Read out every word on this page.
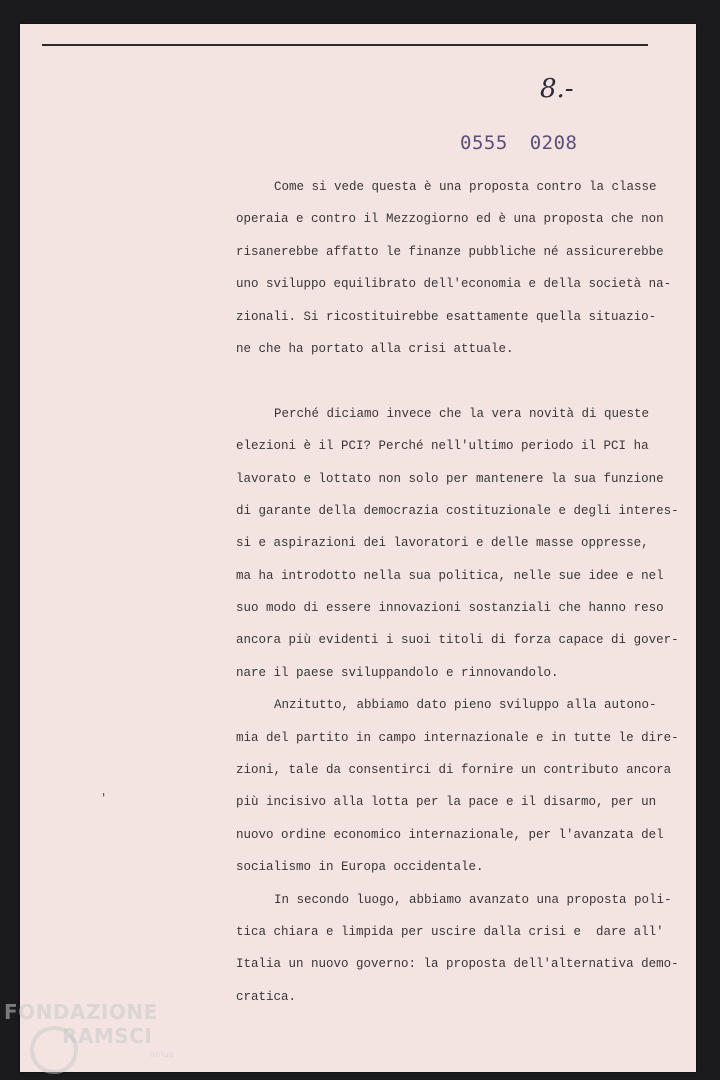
8.-
0555 0208
Come si vede questa è una proposta contro la classe
operaia e contro il Mezzogiorno ed è una proposta che non
risanerebbe affatto le finanze pubbliche né assicurerebbe
uno sviluppo equilibrato dell'economia e della società na-
zionali. Si ricostituirebbe esattamente quella situazio-
ne che ha portato alla crisi attuale.
Perché diciamo invece che la vera novità di queste
elezioni è il PCI? Perché nell'ultimo periodo il PCI ha
lavorato e lottato non solo per mantenere la sua funzione
di garante della democrazia costituzionale e degli interes-
si e aspirazioni dei lavoratori e delle masse oppresse,
ma ha introdotto nella sua politica, nelle sue idee e nel
suo modo di essere innovazioni sostanziali che hanno reso
ancora più evidenti i suoi titoli di forza capace di gover-
nare il paese sviluppandolo e rinnovandolo.
Anzitutto, abbiamo dato pieno sviluppo alla autono-
mia del partito in campo internazionale e in tutte le dire-
zioni, tale da consentirci di fornire un contributo ancora
più incisivo alla lotta per la pace e il disarmo, per un
nuovo ordine economico internazionale, per l'avanzata del
socialismo in Europa occidentale.
In secondo luogo, abbiamo avanzato una proposta poli-
tica chiara e limpida per uscire dalla crisi e  dare all'
Italia un nuovo governo: la proposta dell'alternativa demo-
cratica.
'
FONDAZIONE
RAMSCI
onlus
